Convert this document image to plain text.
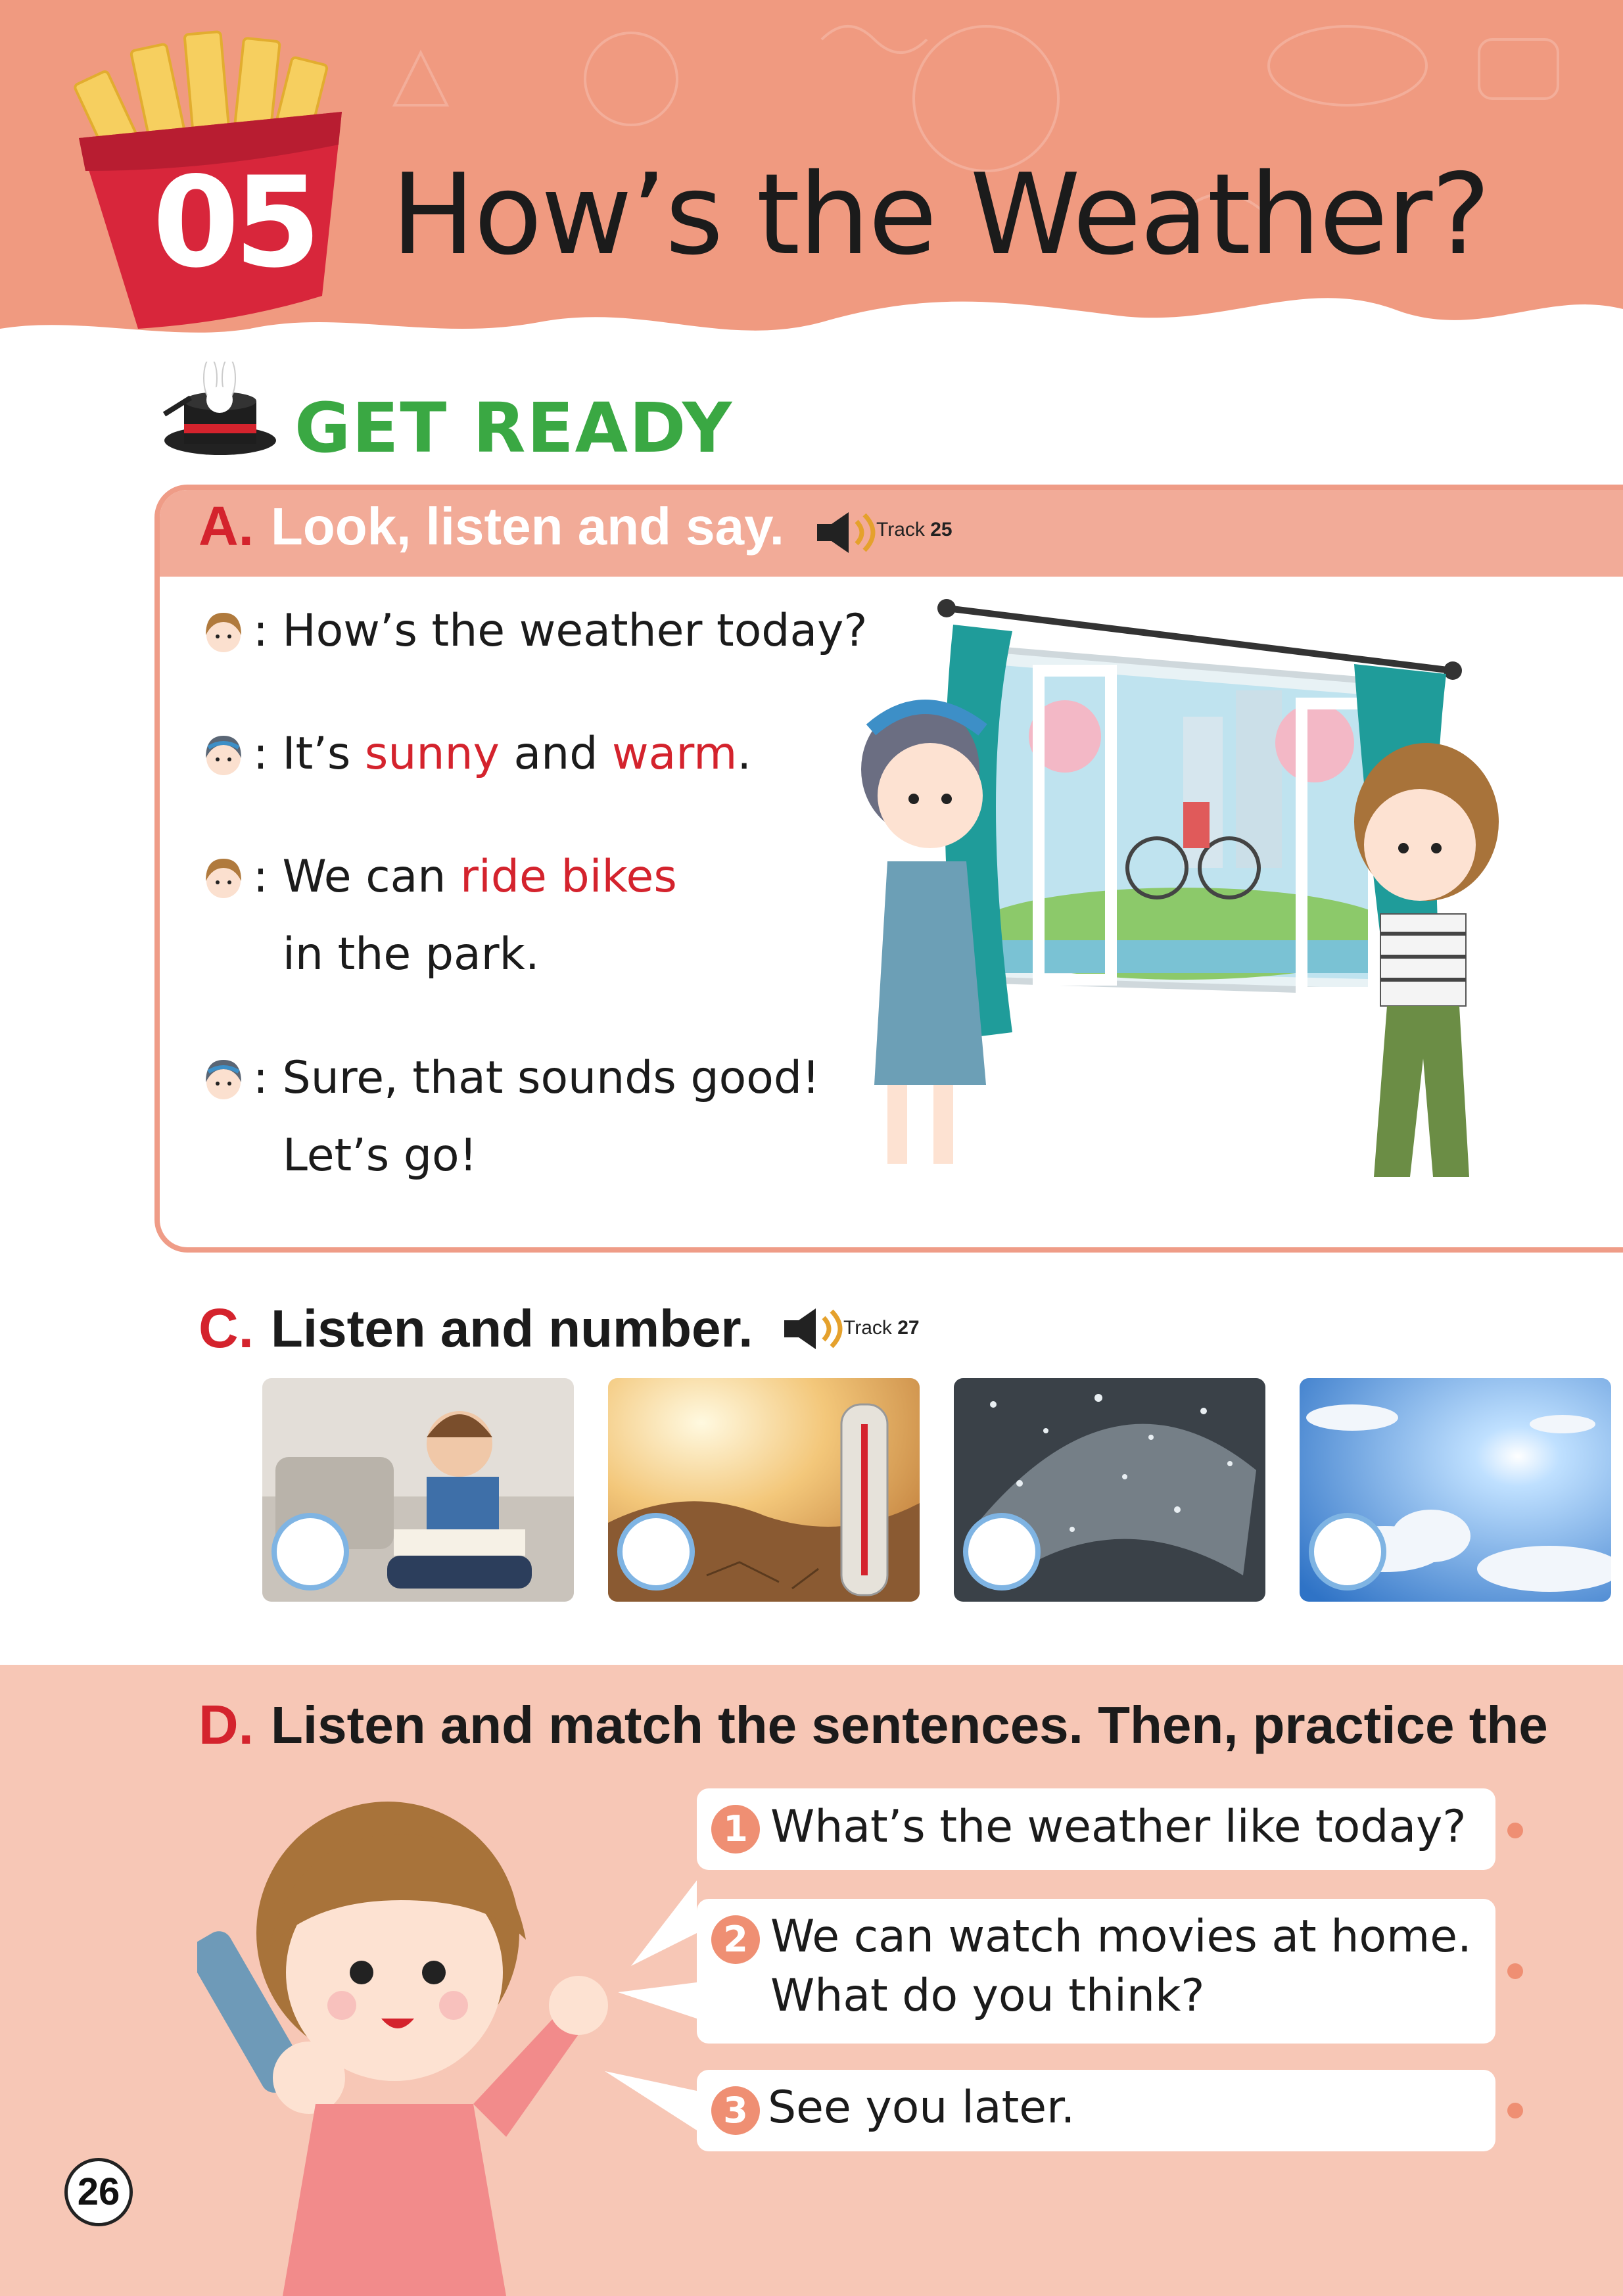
05 How’s the Weather?
GET READY
A. Look, listen and say.	Track 25
: How’s the weather today?
: It’s sunny and warm.
: We can ride bikes
in the park.
: Sure, that sounds good!
Let’s go!
C. Listen and number.	Track 27
D. Listen and match the sentences. Then, practice the
1 What’s the weather like today?
2 We can watch movies at home.
What do you think?
3 See you later.
26
